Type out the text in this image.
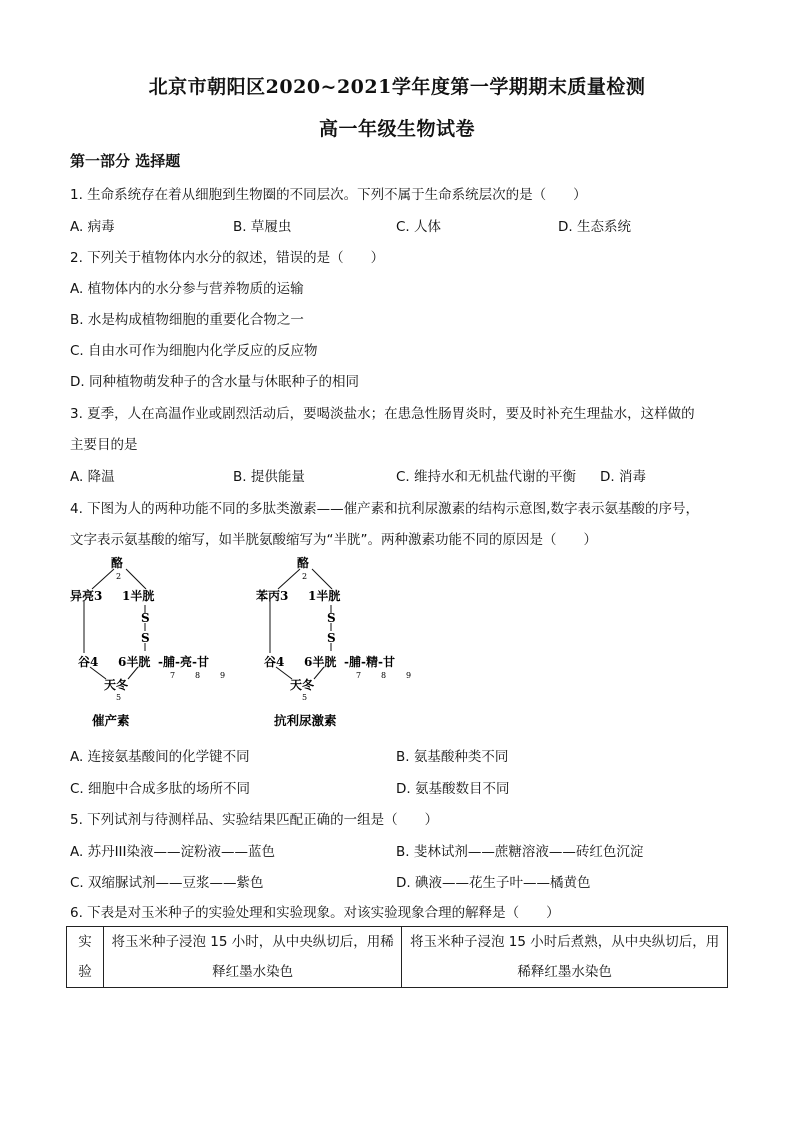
北京市朝阳区2020~2021学年度第一学期期末质量检测
高一年级生物试卷
第一部分 选择题
1. 生命系统存在着从细胞到生物圈的不同层次。下列不属于生命系统层次的是（　　）
A. 病毒	B. 草履虫	C. 人体	D. 生态系统
2. 下列关于植物体内水分的叙述，错误的是（　　）
A. 植物体内的水分参与营养物质的运输
B. 水是构成植物细胞的重要化合物之一
C. 自由水可作为细胞内化学反应的反应物
D. 同种植物萌发种子的含水量与休眠种子的相同
3. 夏季，人在高温作业或剧烈活动后，要喝淡盐水；在患急性肠胃炎时，要及时补充生理盐水，这样做的
主要目的是
A. 降温	B. 提供能量	C. 维持水和无机盐代谢的平衡 D. 消毒
4. 下图为人的两种功能不同的多肽类激素——催产素和抗利尿激素的结构示意图,数字表示氨基酸的序号，
文字表示氨基酸的缩写，如半胱氨酸缩写为“半胱”。两种激素功能不同的原因是（　　）
酪
2
异亮3 1半胱
S
S
谷4 6半胱 -脯-亮-甘
7 8 9
天冬
5
催产素
酪
2
苯丙3 1半胱
S
S
谷4 6半胱 -脯-精-甘
7 8 9
天冬
5
抗利尿激素
A. 连接氨基酸间的化学键不同	B. 氨基酸种类不同
C. 细胞中合成多肽的场所不同	D. 氨基酸数目不同
5. 下列试剂与待测样品、实验结果匹配正确的一组是（　　）
A. 苏丹III染液——淀粉液——蓝色	B. 斐林试剂——蔗糖溶液——砖红色沉淀
C. 双缩脲试剂——豆浆——紫色	D. 碘液——花生子叶——橘黄色
6. 下表是对玉米种子的实验处理和实验现象。对该实验现象合理的解释是（　　）
实
验

将玉米种子浸泡 15 小时，从中央纵切后，用稀
释红墨水染色

将玉米种子浸泡 15 小时后煮熟，从中央纵切后，用
稀释红墨水染色
